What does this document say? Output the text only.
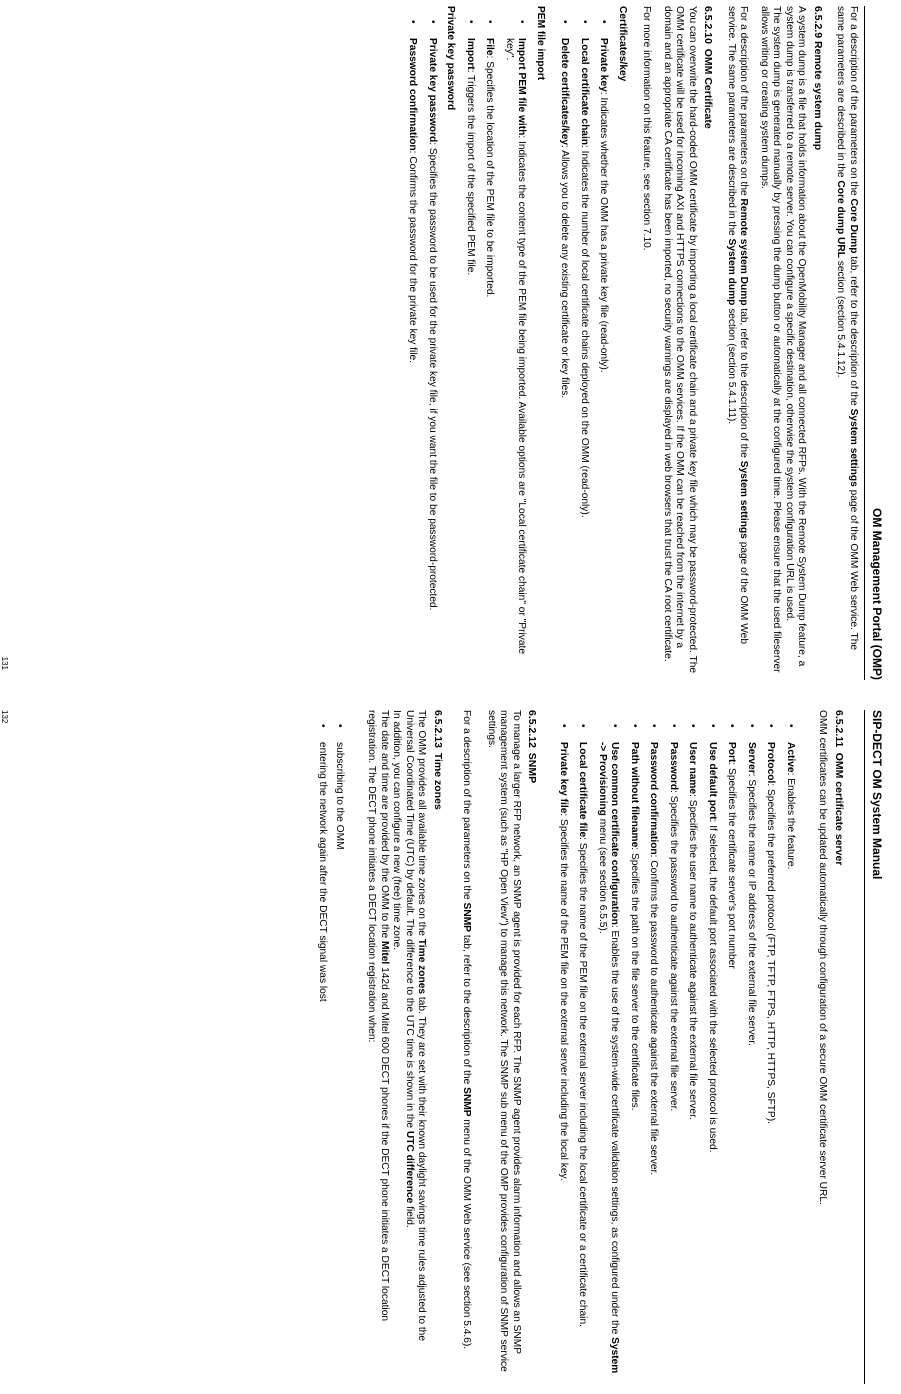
OM Management Portal (OMP)

For a description of the parameters on the Core Dump tab, refer to the description of the System settings page of the OMM Web service. The same parameters are described in the Core dump URL section (section 5.4.1.12).

6.5.2.9 Remote system dump

A system dump is a file that holds information about the OpenMobility Manager and all connected RFPs. With the Remote System Dump feature, a system dump is transferred to a remote server. You can configure a specific destination, otherwise the system configuration URL is used.

The system dump is generated manually by pressing the dump button or automatically at the configured time. Please ensure that the used fileserver allows writing or creating system dumps.

For a description of the parameters on the Remote system Dump tab, refer to the description of the System settings page of the OMM Web service. The same parameters are described in the System dump section (section 5.4.1.11).

6.5.2.10   OMM Certificate

You can overwrite the hard-coded OMM certificate by importing a local certificate chain and a private key file which may be password-protected. The OMM certificate will be used for incoming AXI and HTTPS connections to the OMM services. If the OMM can be reached from the internet by a domain and an appropriate CA certificate has been imported, no security warnings are displayed in web browsers that trust the CA root certificate.

For more information on this feature, see section 7.10.

Certificates/key
• Private key: Indicates whether the OMM has a private key file (read-only).
• Local certificate chain: Indicates the number of local certificate chains deployed on the OMM (read-only).
• Delete certificates/key: Allows you to delete any existing certificate or key files.
PEM file import
• Import PEM file with: Indicates the content type of the PEM file being imported. Available options are "Local certificate chain" or "Private key".
• File: Specifies the location of the PEM file to be imported.
• Import: Triggers the import of the specified PEM file.
Private key password
• Private key password: Specifies the password to be used for the private key file, if you want the file to be password-protected.
• Password confirmation: Confirms the password for the private key file.
131
SIP-DECT OM System Manual
6.5.2.11   OMM certificate server

OMM certificates can be updated automatically through configuration of a secure OMM certificate server URL.

• Active: Enables the feature.
• Protocol: Specifies the preferred protocol (FTP, TFTP, FTPS, HTTP, HTTPS, SFTP).
• Server: Specifies the name or IP address of the external file server.
• Port: Specifies the certificate server's port number
• Use default port: If selected, the default port associated with the selected protocol is used.
• User name: Specifies the user name to authenticate against the external file server.
• Password: Specifies the password to authenticate against the external file server.
• Password confirmation: Confirms the password to authenticate against the external file server.
• Path without filename: Specifies the path on the file server to the certificate files.
• Use common certificate configuration: Enables the use of the system-wide certificate validation settings, as configured under the System -> Provisioning menu (see section 6.5.5).
• Local certificate file: Specifies the name of the PEM file on the external server including the local certificate or a certificate chain.
• Private key file: Specifies the name of the PEM file on the external server including the local key.
6.5.2.12   SNMP

To manage a larger RFP network, an SNMP agent is provided for each RFP. The SNMP agent provides alarm information and allows an SNMP management system (such as "HP Open View") to manage this network. The SNMP sub menu of the OMP provides configuration of SNMP service settings.

For a description of the parameters on the SNMP tab, refer to the description of the SNMP menu of the OMM Web service (see section 5.4.6).

6.5.2.13   Time zones

The OMM provides all available time zones on the Time zones tab. They are set with their known daylight savings time rules adjusted to the Universal Coordinated Time (UTC) by default. The difference to the UTC time is shown in the UTC difference field.

In addition, you can configure a new (free) time zone.

The date and time are provided by the OMM to the Mitel 142d and Mitel 600 DECT phones if the DECT phone initiates a DECT location registration. The DECT phone initiates a DECT location registration when:

• subscribing to the OMM
• entering the network again after the DECT signal was lost
132
